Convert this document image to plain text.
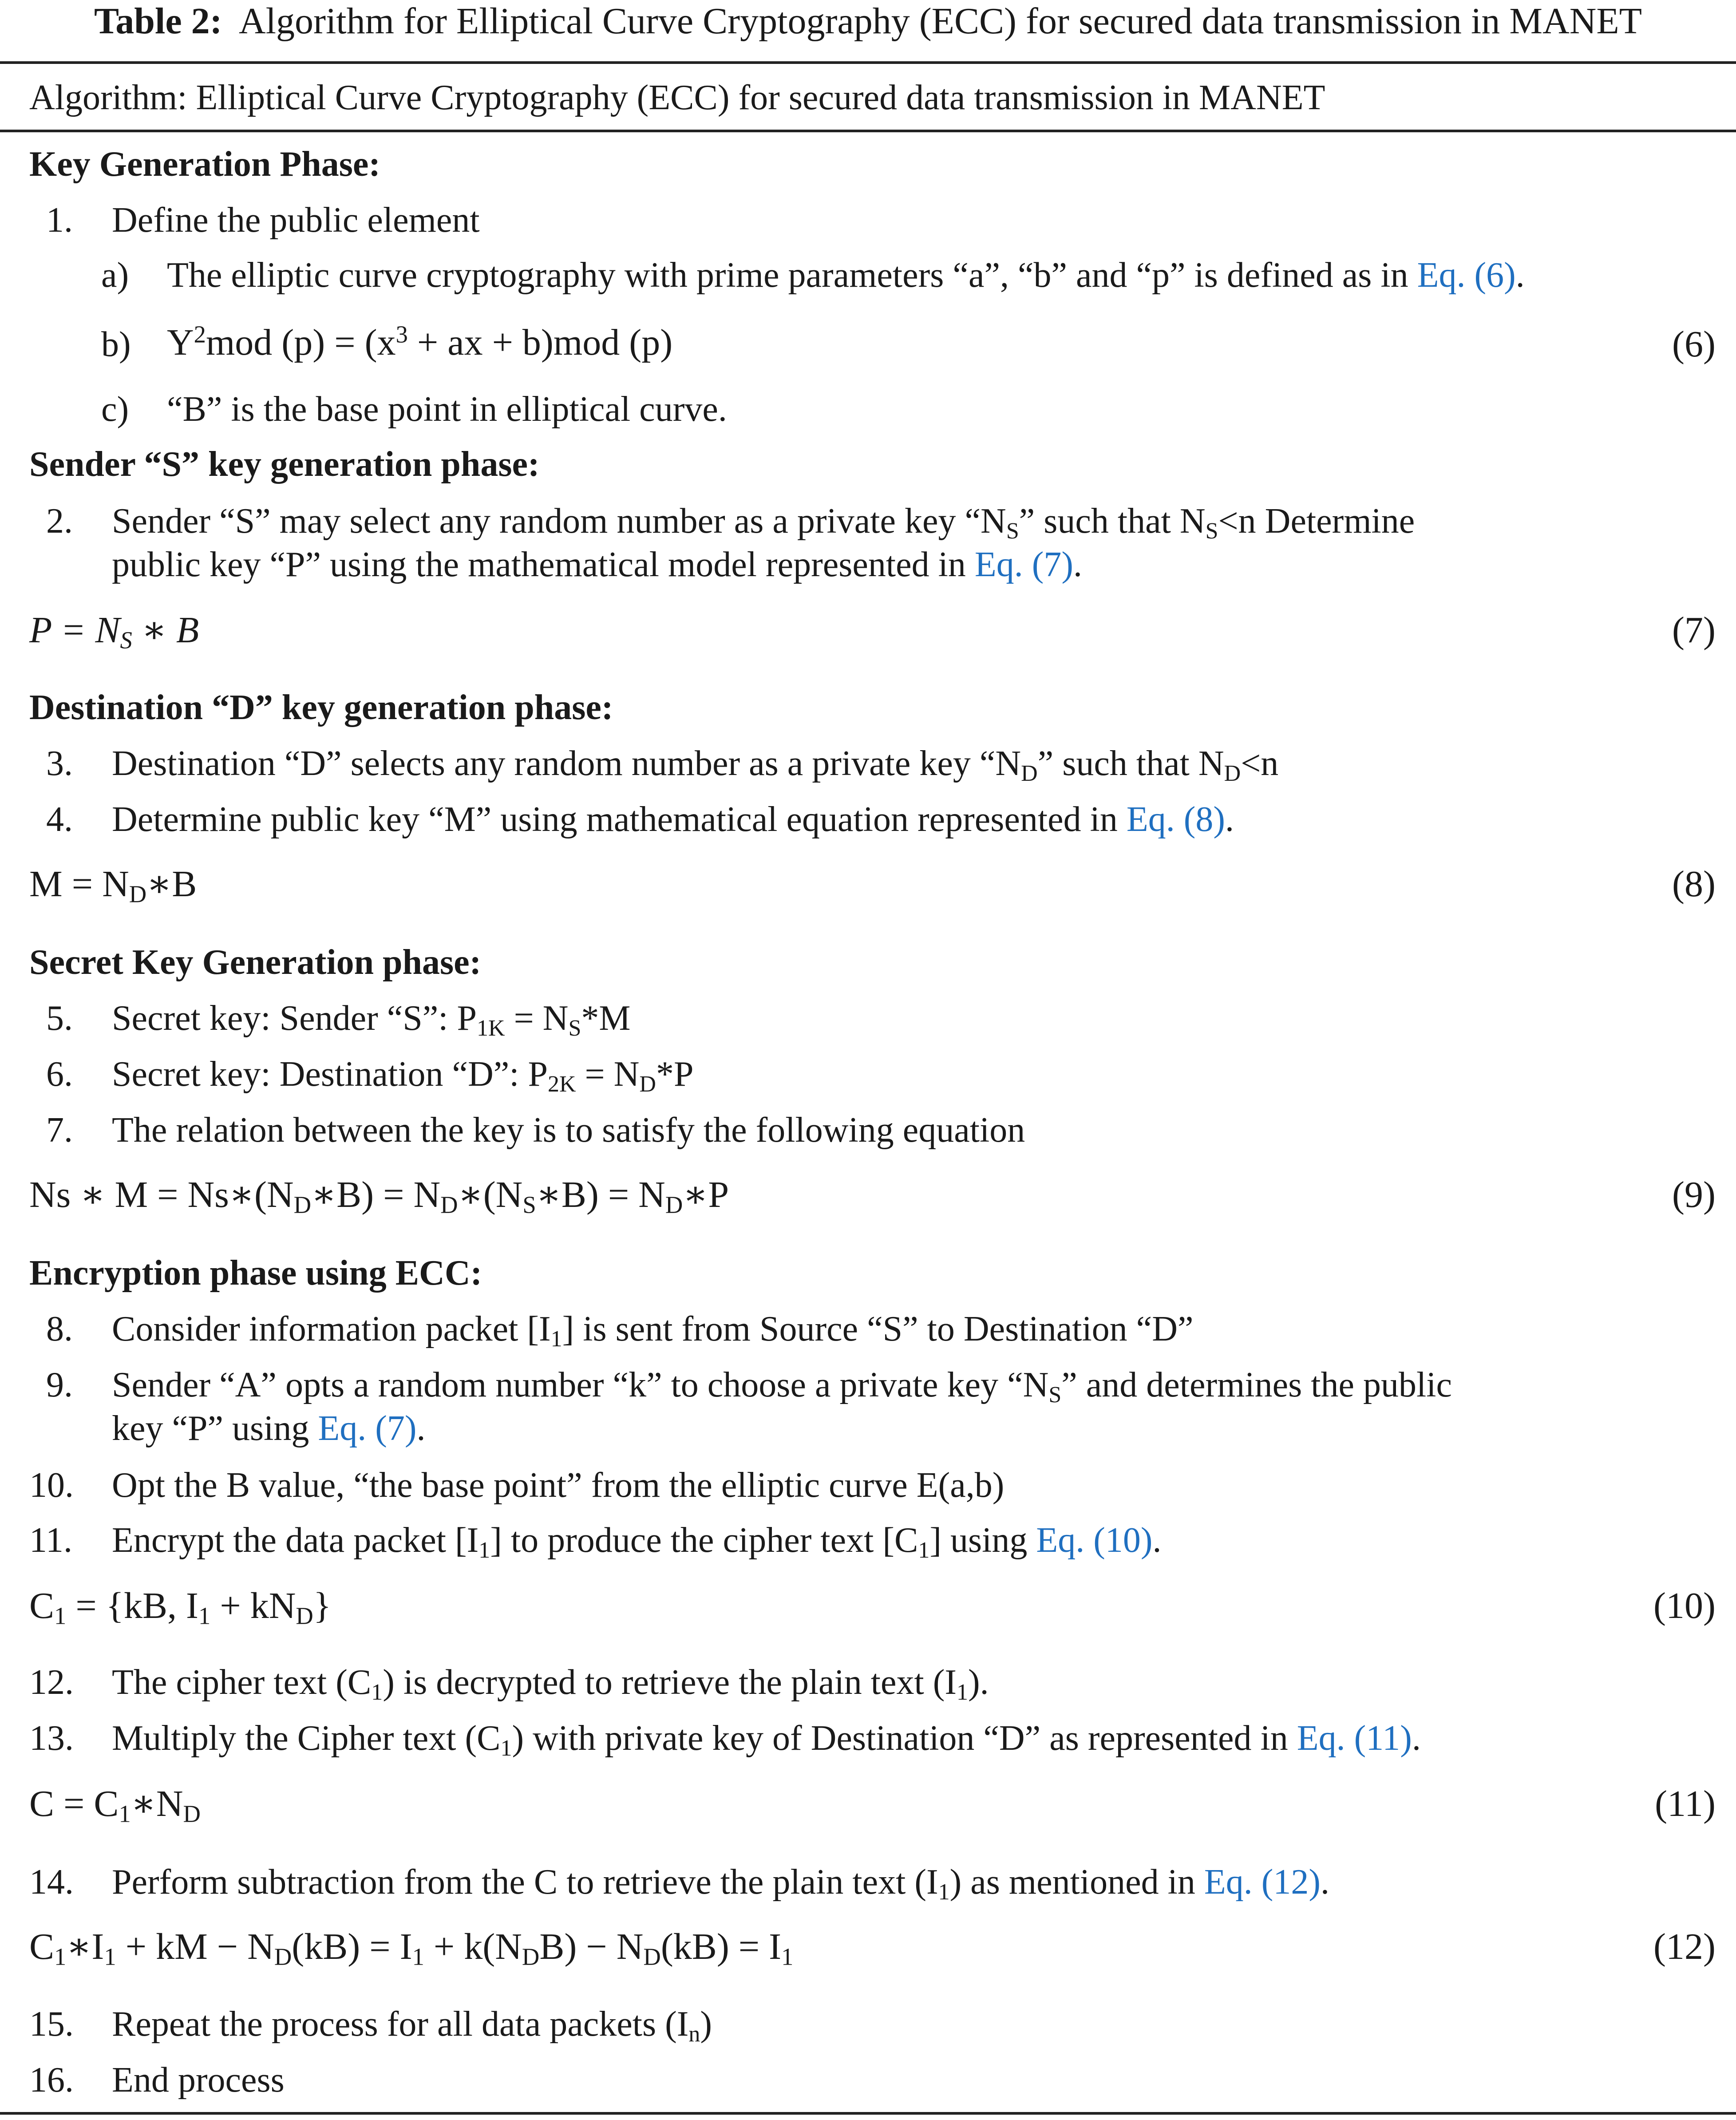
Table 2: Algorithm for Elliptical Curve Cryptography (ECC) for secured data transmission in MANET
Algorithm: Elliptical Curve Cryptography (ECC) for secured data transmission in MANET
Key Generation Phase:
1. Define the public element
a) The elliptic curve cryptography with prime parameters “a”, “b” and “p” is defined as in Eq. (6).
b) $Y^2mod$ $(p) = (x^3$ + ax + b)mod (p)	(6)
c) “B” is the base point in elliptical curve.
Sender “S” key generation phase:
2. Sender “S” may select any random number as a private key “$N_S$” such that $N_S<n$ Determine
public key “P” using the mathematical model represented in Eq. (7).
$P = N_S$ ∗ B	(7)
Destination “D” key generation phase:
3. Destination “D” selects any random number as a private key “$N_D$” such that $N_D<n$
4. Determine public key “M” using mathematical equation represented in Eq. (8).
$M = N_D∗B$	(8)
Secret Key Generation phase:
5. Secret key: Sender “S”: $P_{1K} = N_S*M$
6. Secret key: Destination “D”: $P_{2K} = N_D*P$
7. The relation between the key is to satisfy the following equation
Ns ∗ $M = Ns∗(N_D∗B)$ = $N_D∗(N_S∗B)$ = $N_D∗P$	(9)
Encryption phase using ECC:
8. Consider information packet $[I_1]$ is sent from Source “S” to Destination “D”
9. Sender “A” opts a random number “k” to choose a private key “$N_S$” and determines the public
key “P” using Eq. (7).
10. Opt the B value, “the base point” from the elliptic curve E(a,b)
11. Encrypt the data packet $[I_1]$ to produce the cipher text $[C_1]$ using Eq. (10).
$C_1 = \{kB$, $I_1 + kN_D$}	(10)
12. The cipher text $(C_1)$ is decrypted to retrieve the plain text $(I_1)$.
13. Multiply the Cipher text $(C_1)$ with private key of Destination “D” as represented in Eq. (11).
$C = C_1∗N_D$	(11)
14. Perform subtraction from the C to retrieve the plain text $(I_1)$ as mentioned in Eq. (12).
$C_1∗I_1$ + kM − $N_D(kB) = I_1 + k(N_DB) - N_D(kB) = I_1$	(12)
15. Repeat the process for all data packets $(I_n)$
16. End process
